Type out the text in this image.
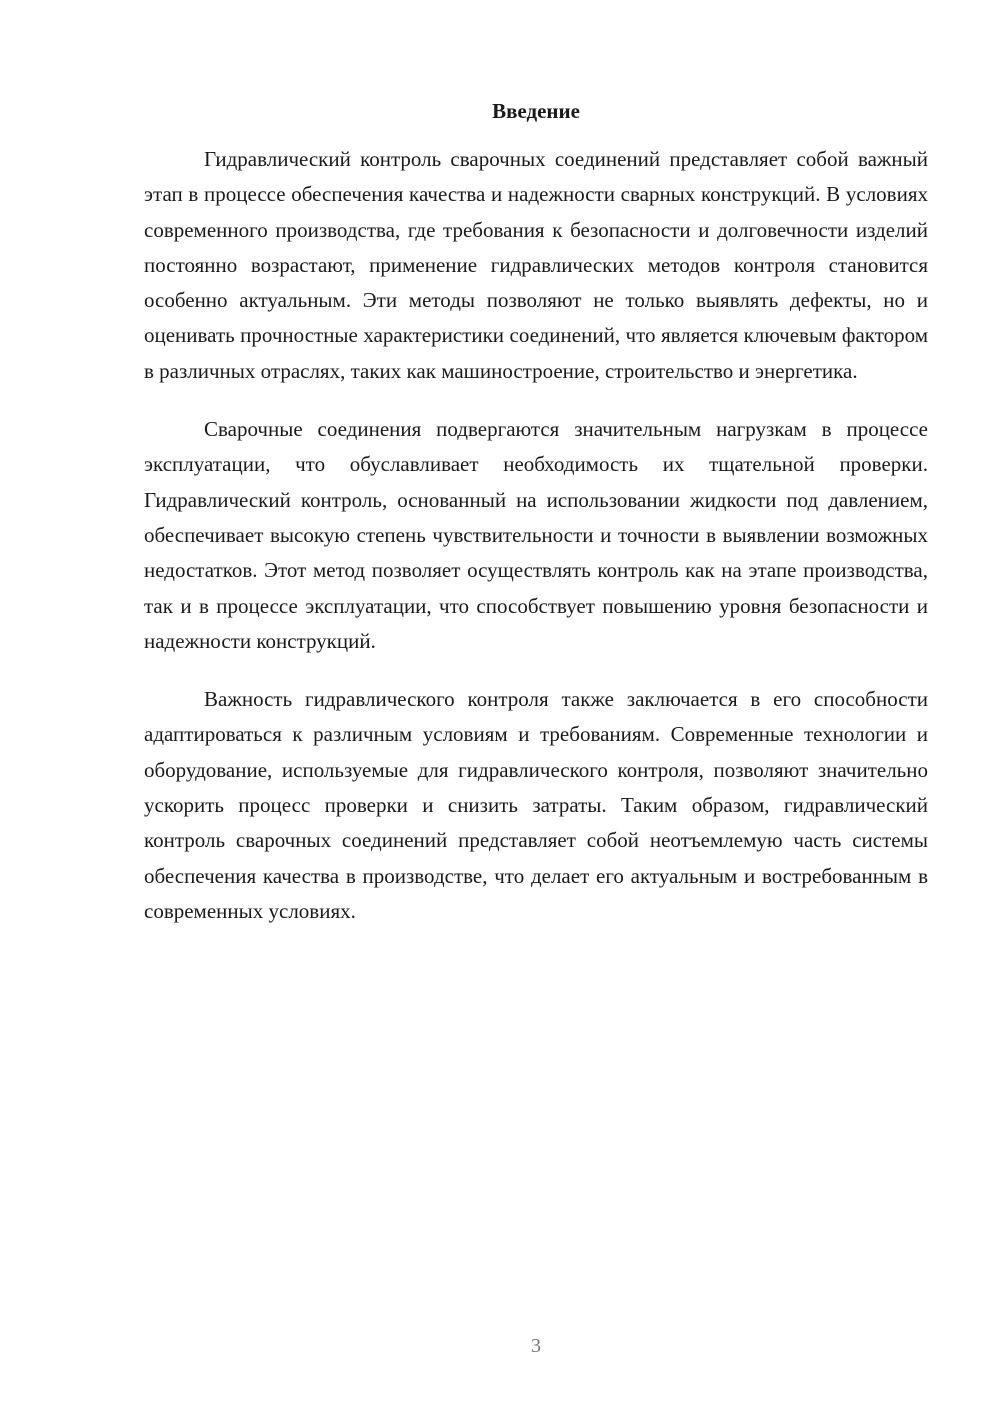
Введение

Гидравлический контроль сварочных соединений представляет собой важный этап в процессе обеспечения качества и надежности сварных конструкций. В условиях современного производства, где требования к безопасности и долговечности изделий постоянно возрастают, применение гидравлических методов контроля становится особенно актуальным. Эти методы позволяют не только выявлять дефекты, но и оценивать прочностные характеристики соединений, что является ключевым фактором в различных отраслях, таких как машиностроение, строительство и энергетика.

Сварочные соединения подвергаются значительным нагрузкам в процессе эксплуатации, что обуславливает необходимость их тщательной проверки. Гидравлический контроль, основанный на использовании жидкости под давлением, обеспечивает высокую степень чувствительности и точности в выявлении возможных недостатков. Этот метод позволяет осуществлять контроль как на этапе производства, так и в процессе эксплуатации, что способствует повышению уровня безопасности и надежности конструкций.

Важность гидравлического контроля также заключается в его способности адаптироваться к различным условиям и требованиям. Современные технологии и оборудование, используемые для гидравлического контроля, позволяют значительно ускорить процесс проверки и снизить затраты. Таким образом, гидравлический контроль сварочных соединений представляет собой неотъемлемую часть системы обеспечения качества в производстве, что делает его актуальным и востребованным в современных условиях.

3
